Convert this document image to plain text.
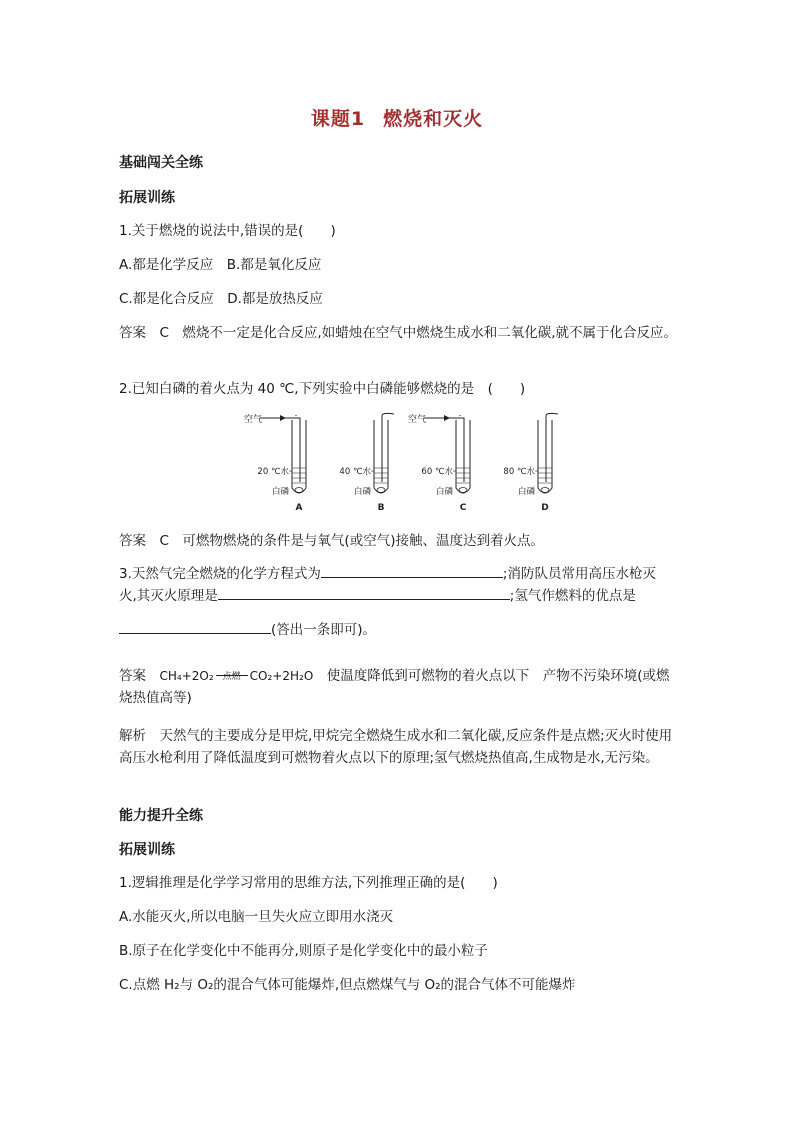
课题1 燃烧和灭火
基础闯关全练
拓展训练
1.关于燃烧的说法中,错误的是(　　)
A.都是化学反应　B.都是氧化反应
C.都是化合反应　D.都是放热反应
答案　 C　燃烧不一定是化合反应,如蜡烛在空气中燃烧生成水和二氧化碳,就不属于化合反应。
2.已知白磷的着火点为 40 ℃,下列实验中白磷能够燃烧的是　(　　)
空气
20 ℃水
白磷
A
40 ℃水
白磷
B
空气
60 ℃水
白磷
C
80 ℃水
白磷
D
答案　 C　可燃物燃烧的条件是与氧气(或空气)接触、温度达到着火点。
3.天然气完全燃烧的化学方程式为	;消防队员常用高压水枪灭
火,其灭火原理是	;氢气作燃料的优点是
(答出一条即可)。
答案　 CH₄+2O₂ 点燃 CO₂+2H₂O　使温度降低到可燃物的着火点以下　产物不污染环境(或燃烧热值高等)
解析　 天然气的主要成分是甲烷,甲烷完全燃烧生成水和二氧化碳,反应条件是点燃;灭火时使用高压水枪利用了降低温度到可燃物着火点以下的原理;氢气燃烧热值高,生成物是水,无污染。
能力提升全练
拓展训练
1.逻辑推理是化学学习常用的思维方法,下列推理正确的是(　　)
A.水能灭火,所以电脑一旦失火应立即用水浇灭
B.原子在化学变化中不能再分,则原子是化学变化中的最小粒子
C.点燃 H₂与 O₂的混合气体可能爆炸,但点燃煤气与 O₂的混合气体不可能爆炸
